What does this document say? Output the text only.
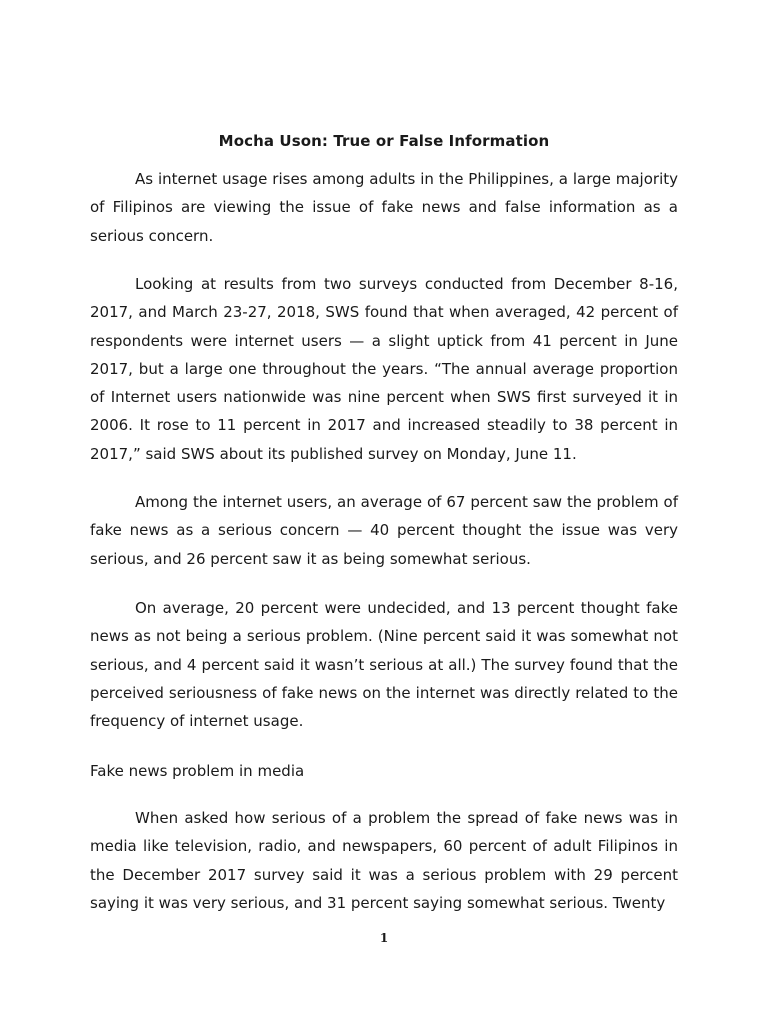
Mocha Uson: True or False Information

As internet usage rises among adults in the Philippines, a large majority of Filipinos are viewing the issue of fake news and false information as a serious concern.

Looking at results from two surveys conducted from December 8-16, 2017, and March 23-27, 2018, SWS found that when averaged, 42 percent of respondents were internet users — a slight uptick from 41 percent in June 2017, but a large one throughout the years. “The annual average proportion of Internet users nationwide was nine percent when SWS first surveyed it in 2006. It rose to 11 percent in 2017 and increased steadily to 38 percent in 2017,” said SWS about its published survey on Monday, June 11.

Among the internet users, an average of 67 percent saw the problem of fake news as a serious concern — 40 percent thought the issue was very serious, and 26 percent saw it as being somewhat serious.

On average, 20 percent were undecided, and 13 percent thought fake news as not being a serious problem. (Nine percent said it was somewhat not serious, and 4 percent said it wasn’t serious at all.) The survey found that the perceived seriousness of fake news on the internet was directly related to the frequency of internet usage.

Fake news problem in media

When asked how serious of a problem the spread of fake news was in media like television, radio, and newspapers, 60 percent of adult Filipinos in the December 2017 survey said it was a serious problem with 29 percent saying it was very serious, and 31 percent saying somewhat serious. Twenty

1
